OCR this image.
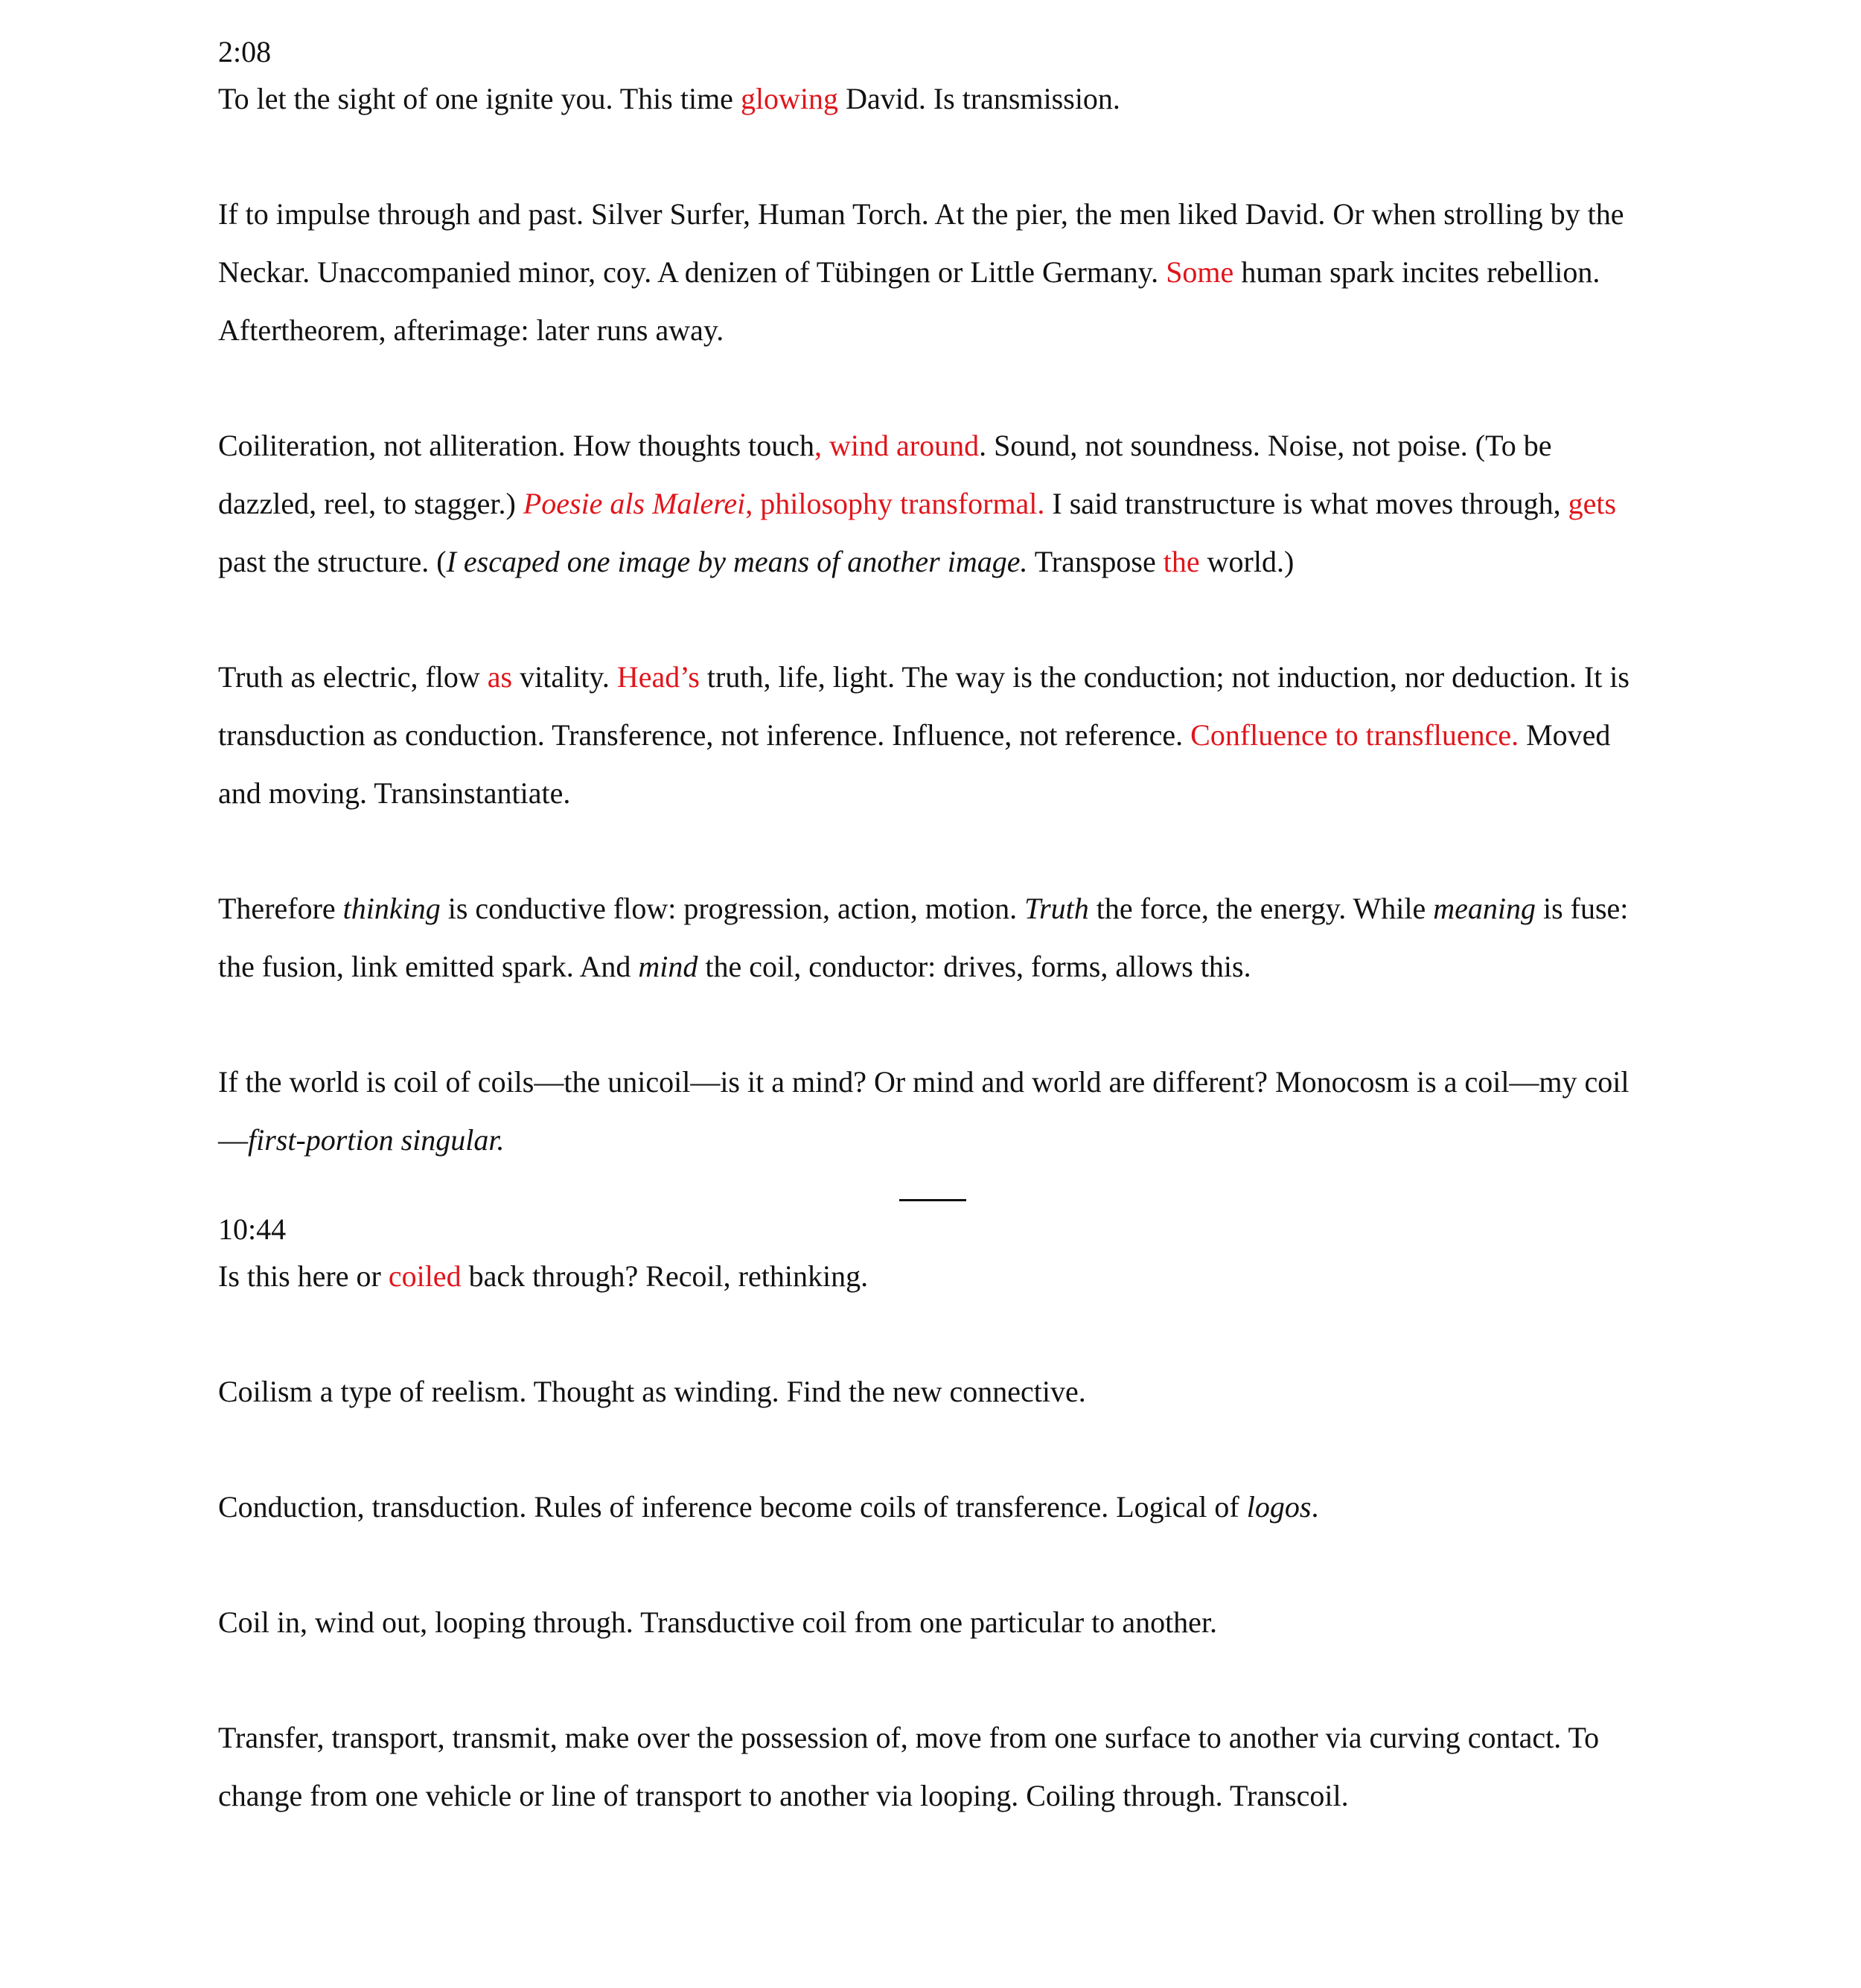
2:08

To let the sight of one ignite you. This time glowing David. Is transmission.

If to impulse through and past. Silver Surfer, Human Torch. At the pier, the men liked David. Or when strolling by the Neckar. Unaccompanied minor, coy. A denizen of Tübingen or Little Germany. Some human spark incites rebellion. Aftertheorem, afterimage: later runs away.

Coiliteration, not alliteration. How thoughts touch, wind around. Sound, not soundness. Noise, not poise. (To be dazzled, reel, to stagger.) Poesie als Malerei, philosophy transformal. I said transtructure is what moves through, gets past the structure. (I escaped one image by means of another image. Transpose the world.)

Truth as electric, flow as vitality. Head’s truth, life, light. The way is the conduction; not induction, nor deduction. It is transduction as conduction. Transference, not inference. Influence, not reference. Confluence to transfluence. Moved and moving. Transinstantiate.

Therefore thinking is conductive flow: progression, action, motion. Truth the force, the energy. While meaning is fuse: the fusion, link emitted spark. And mind the coil, conductor: drives, forms, allows this.

If the world is coil of coils—the unicoil—is it a mind? Or mind and world are different? Monocosm is a coil—my coil—first-portion singular.

10:44

Is this here or coiled back through? Recoil, rethinking.

Coilism a type of reelism. Thought as winding. Find the new connective.

Conduction, transduction. Rules of inference become coils of transference. Logical of logos.

Coil in, wind out, looping through. Transductive coil from one particular to another.

Transfer, transport, transmit, make over the possession of, move from one surface to another via curving contact. To change from one vehicle or line of transport to another via looping. Coiling through. Transcoil.
